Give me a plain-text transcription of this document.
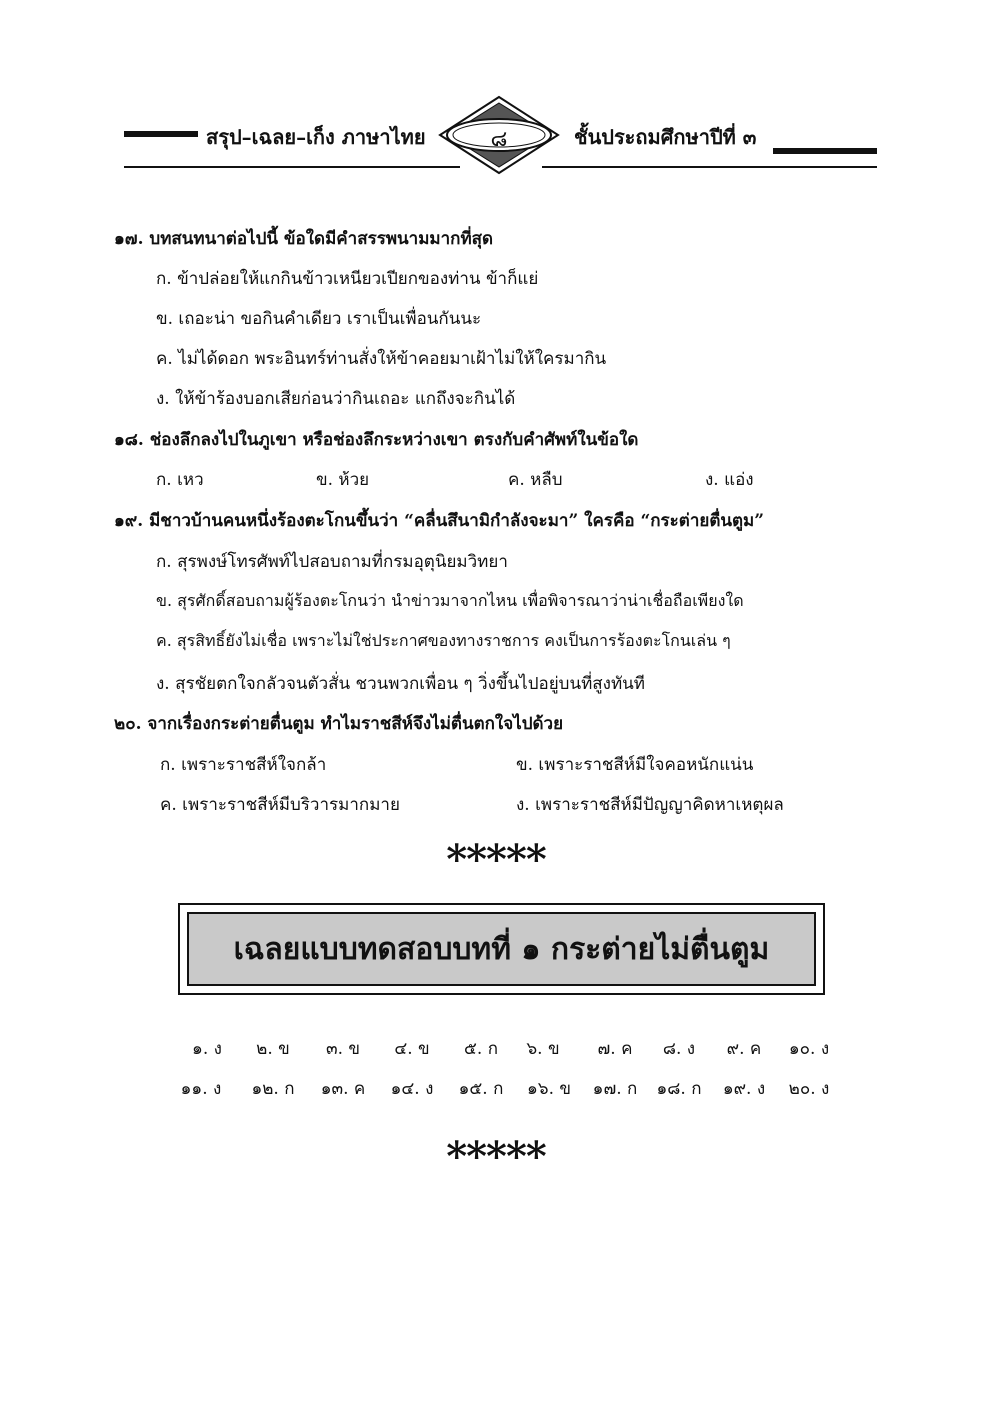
สรุป–เฉลย–เก็ง ภาษาไทย	๘	ชั้นประถมศึกษาปีที่ ๓
๑๗. บทสนทนาต่อไปนี้ ข้อใดมีคำสรรพนามมากที่สุด
ก. ข้าปล่อยให้แกกินข้าวเหนียวเปียกของท่าน ข้าก็แย่
ข. เถอะน่า ขอกินคำเดียว เราเป็นเพื่อนกันนะ
ค. ไม่ได้ดอก พระอินทร์ท่านสั่งให้ข้าคอยมาเฝ้าไม่ให้ใครมากิน
ง. ให้ข้าร้องบอกเสียก่อนว่ากินเถอะ แกถึงจะกินได้
๑๘. ช่องลึกลงไปในภูเขา หรือช่องลึกระหว่างเขา ตรงกับคำศัพท์ในข้อใด
ก. เหว	ข. ห้วย	ค. หลืบ	ง. แอ่ง
๑๙. มีชาวบ้านคนหนึ่งร้องตะโกนขึ้นว่า “คลื่นสึนามิกำลังจะมา” ใครคือ “กระต่ายตื่นตูม”
ก. สุรพงษ์โทรศัพท์ไปสอบถามที่กรมอุตุนิยมวิทยา
ข. สุรศักดิ์สอบถามผู้ร้องตะโกนว่า นำข่าวมาจากไหน เพื่อพิจารณาว่าน่าเชื่อถือเพียงใด
ค. สุรสิทธิ์ยังไม่เชื่อ เพราะไม่ใช่ประกาศของทางราชการ คงเป็นการร้องตะโกนเล่น ๆ
ง. สุรชัยตกใจกลัวจนตัวสั่น ชวนพวกเพื่อน ๆ วิ่งขึ้นไปอยู่บนที่สูงทันที
๒๐. จากเรื่องกระต่ายตื่นตูม ทำไมราชสีห์จึงไม่ตื่นตกใจไปด้วย
ก. เพราะราชสีห์ใจกล้า	ข. เพราะราชสีห์มีใจคอหนักแน่น
ค. เพราะราชสีห์มีบริวารมากมาย	ง. เพราะราชสีห์มีปัญญาคิดหาเหตุผล
*****
เฉลยแบบทดสอบบทที่ ๑ กระต่ายไม่ตื่นตูม
๑. ง	๒. ข	๓. ข	๔. ข	๕. ก	๖. ข	๗. ค	๘. ง	๙. ค	๑๐. ง
๑๑. ง	๑๒. ก	๑๓. ค	๑๔. ง	๑๕. ก	๑๖. ข	๑๗. ก	๑๘. ก	๑๙. ง	๒๐. ง
*****
